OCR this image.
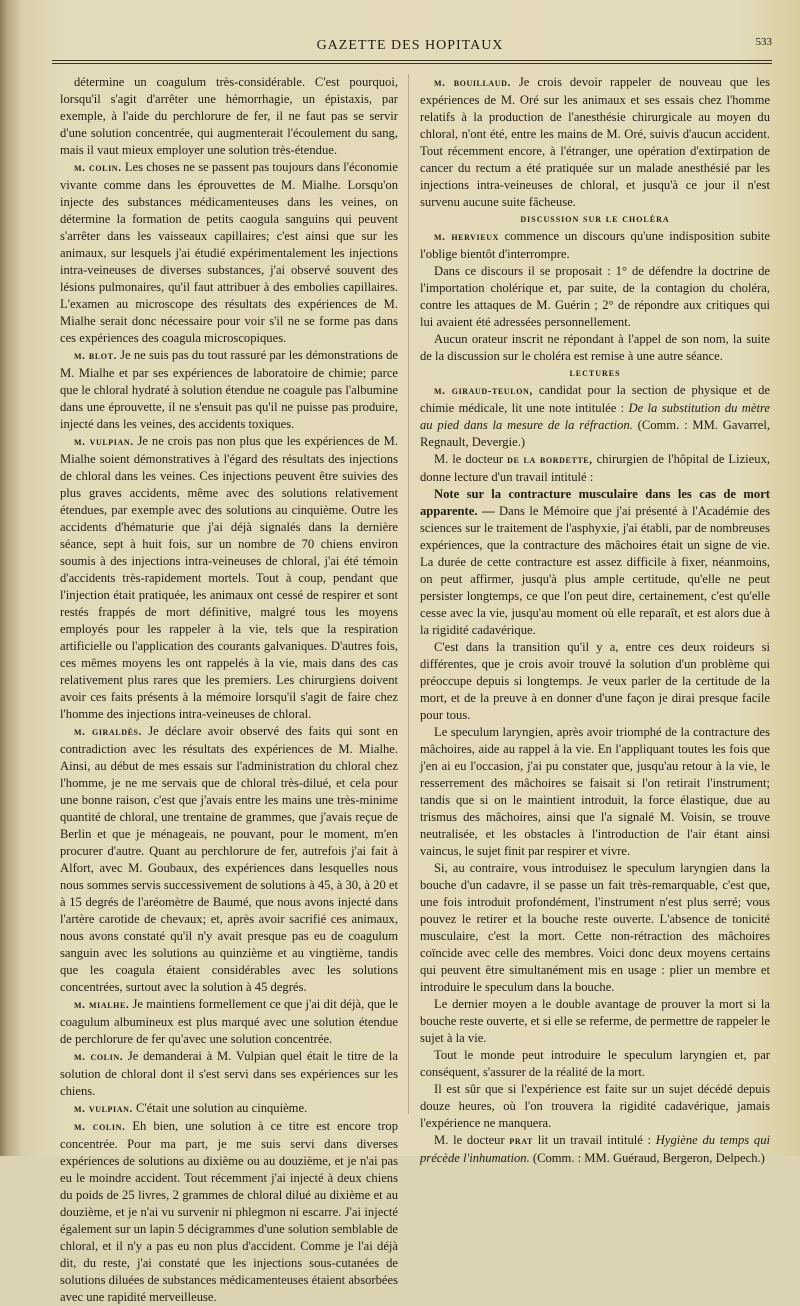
GAZETTE DES HOPITAUX	533

détermine un coagulum très-considérable. C'est pourquoi, lorsqu'il s'agit d'arrêter une hémorrhagie, un épistaxis, par exemple, à l'aide du perchlorure de fer, il ne faut pas se servir d'une solution concentrée, qui augmenterait l'écoulement du sang, mais il vaut mieux employer une solution très-étendue.

m. colin. Les choses ne se passent pas toujours dans l'économie vivante comme dans les éprouvettes de M. Mialhe. Lorsqu'on injecte des substances médicamenteuses dans les veines, on détermine la formation de petits caogula sanguins qui peuvent s'arrêter dans les vaisseaux capillaires; c'est ainsi que sur les animaux, sur lesquels j'ai étudié expérimentalement les injections intra-veineuses de diverses substances, j'ai observé souvent des lésions pulmonaires, qu'il faut attribuer à des embolies capillaires. L'examen au microscope des résultats des expériences de M. Mialhe serait donc nécessaire pour voir s'il ne se forme pas dans ces expériences des coagula microscopiques.

m. blot. Je ne suis pas du tout rassuré par les démonstrations de M. Mialhe et par ses expériences de laboratoire de chimie; parce que le chloral hydraté à solution étendue ne coagule pas l'albumine dans une éprouvette, il ne s'ensuit pas qu'il ne puisse pas produire, injecté dans les veines, des accidents toxiques.

m. vulpian. Je ne crois pas non plus que les expériences de M. Mialhe soient démonstratives à l'égard des résultats des injections de chloral dans les veines. Ces injections peuvent être suivies des plus graves accidents, même avec des solutions relativement étendues, par exemple avec des solutions au cinquième. Outre les accidents d'hématurie que j'ai déjà signalés dans la dernière séance, sept à huit fois, sur un nombre de 70 chiens environ soumis à des injections intra-veineuses de chloral, j'ai été témoin d'accidents très-rapidement mortels. Tout à coup, pendant que l'injection était pratiquée, les animaux ont cessé de respirer et sont restés frappés de mort définitive, malgré tous les moyens employés pour les rappeler à la vie, tels que la respiration artificielle ou l'application des courants galvaniques. D'autres fois, ces mêmes moyens les ont rappelés à la vie, mais dans des cas relativement plus rares que les premiers. Les chirurgiens doivent avoir ces faits présents à la mémoire lorsqu'il s'agit de faire chez l'homme des injections intra-veineuses de chloral.

m. giraldès. Je déclare avoir observé des faits qui sont en contradiction avec les résultats des expériences de M. Mialhe. Ainsi, au début de mes essais sur l'administration du chloral chez l'homme, je ne me servais que de chloral très-dilué, et cela pour une bonne raison, c'est que j'avais entre les mains une très-minime quantité de chloral, une trentaine de grammes, que j'avais reçue de Berlin et que je ménageais, ne pouvant, pour le moment, m'en procurer d'autre. Quant au perchlorure de fer, autrefois j'ai fait à Alfort, avec M. Goubaux, des expériences dans lesquelles nous nous sommes servis successivement de solutions à 45, à 30, à 20 et à 15 degrés de l'aréomètre de Baumé, que nous avons injecté dans l'artère carotide de chevaux; et, après avoir sacrifié ces animaux, nous avons constaté qu'il n'y avait presque pas eu de coagulum sanguin avec les solutions au quinzième et au vingtième, tandis que les coagula étaient considérables avec les solutions concentrées, surtout avec la solution à 45 degrés.

m. mialhe. Je maintiens formellement ce que j'ai dit déjà, que le coagulum albumineux est plus marqué avec une solution étendue de perchlorure de fer qu'avec une solution concentrée.

m. colin. Je demanderai à M. Vulpian quel était le titre de la solution de chloral dont il s'est servi dans ses expériences sur les chiens.

m. vulpian. C'était une solution au cinquième.

m. colin. Eh bien, une solution à ce titre est encore trop concentrée. Pour ma part, je me suis servi dans diverses expériences de solutions au dixième ou au douzième, et je n'ai pas eu le moindre accident. Tout récemment j'ai injecté à deux chiens du poids de 25 livres, 2 grammes de chloral dilué au dixième et au douzième, et je n'ai vu survenir ni phlegmon ni escarre. J'ai injecté également sur un lapin 5 décigrammes d'une solution semblable de chloral, et il n'y a pas eu non plus d'accident. Comme je l'ai déjà dit, du reste, j'ai constaté que les injections sous-cutanées de solutions diluées de substances médicamenteuses étaient absorbées avec une rapidité merveilleuse.

m. bouillaud. Je crois devoir rappeler de nouveau que les expériences de M. Oré sur les animaux et ses essais chez l'homme relatifs à la production de l'anesthésie chirurgicale au moyen du chloral, n'ont été, entre les mains de M. Oré, suivis d'aucun accident. Tout récemment encore, à l'étranger, une opération d'extirpation de cancer du rectum a été pratiquée sur un malade anesthésié par les injections intra-veineuses de chloral, et jusqu'à ce jour il n'est survenu aucune suite fâcheuse.

discussion sur le choléra

m. hervieux commence un discours qu'une indisposition subite l'oblige bientôt d'interrompre.

Dans ce discours il se proposait : 1° de défendre la doctrine de l'importation cholérique et, par suite, de la contagion du choléra, contre les attaques de M. Guérin ; 2° de répondre aux critiques qui lui avaient été adressées personnellement.

Aucun orateur inscrit ne répondant à l'appel de son nom, la suite de la discussion sur le choléra est remise à une autre séance.

lectures

m. giraud-teulon, candidat pour la section de physique et de chimie médicale, lit une note intitulée : De la substitution du mètre au pied dans la mesure de la réfraction. (Comm. : MM. Gavarrel, Regnault, Devergie.)

M. le docteur de la bordette, chirurgien de l'hôpital de Lizieux, donne lecture d'un travail intitulé :

Note sur la contracture musculaire dans les cas de mort apparente. — Dans le Mémoire que j'ai présenté à l'Académie des sciences sur le traitement de l'asphyxie, j'ai établi, par de nombreuses expériences, que la contracture des mâchoires était un signe de vie. La durée de cette contracture est assez difficile à fixer, néanmoins, on peut affirmer, jusqu'à plus ample certitude, qu'elle ne peut persister longtemps, ce que l'on peut dire, certainement, c'est qu'elle cesse avec la vie, jusqu'au moment où elle reparaît, et est alors due à la rigidité cadavérique.

C'est dans la transition qu'il y a, entre ces deux roideurs si différentes, que je crois avoir trouvé la solution d'un problème qui préoccupe depuis si longtemps. Je veux parler de la certitude de la mort, et de la preuve à en donner d'une façon je dirai presque facile pour tous.

Le speculum laryngien, après avoir triomphé de la contracture des mâchoires, aide au rappel à la vie. En l'appliquant toutes les fois que j'en ai eu l'occasion, j'ai pu constater que, jusqu'au retour à la vie, le resserrement des mâchoires se faisait si l'on retirait l'instrument; tandis que si on le maintient introduit, la force élastique, due au trismus des mâchoires, ainsi que l'a signalé M. Voisin, se trouve neutralisée, et les obstacles à l'introduction de l'air étant ainsi vaincus, le sujet finit par respirer et vivre.

Si, au contraire, vous introduisez le speculum laryngien dans la bouche d'un cadavre, il se passe un fait très-remarquable, c'est que, une fois introduit profondément, l'instrument n'est plus serré; vous pouvez le retirer et la bouche reste ouverte. L'absence de tonicité musculaire, c'est la mort. Cette non-rétraction des mâchoires coïncide avec celle des membres. Voici donc deux moyens certains qui peuvent être simultanément mis en usage : plier un membre et introduire le speculum dans la bouche.

Le dernier moyen a le double avantage de prouver la mort si la bouche reste ouverte, et si elle se referme, de permettre de rappeler le sujet à la vie.

Tout le monde peut introduire le speculum laryngien et, par conséquent, s'assurer de la réalité de la mort.

Il est sûr que si l'expérience est faite sur un sujet décédé depuis douze heures, où l'on trouvera la rigidité cadavérique, jamais l'expérience ne manquera.

M. le docteur prat lit un travail intitulé : Hygiène du temps qui précède l'inhumation. (Comm. : MM. Guéraud, Bergeron, Delpech.)
